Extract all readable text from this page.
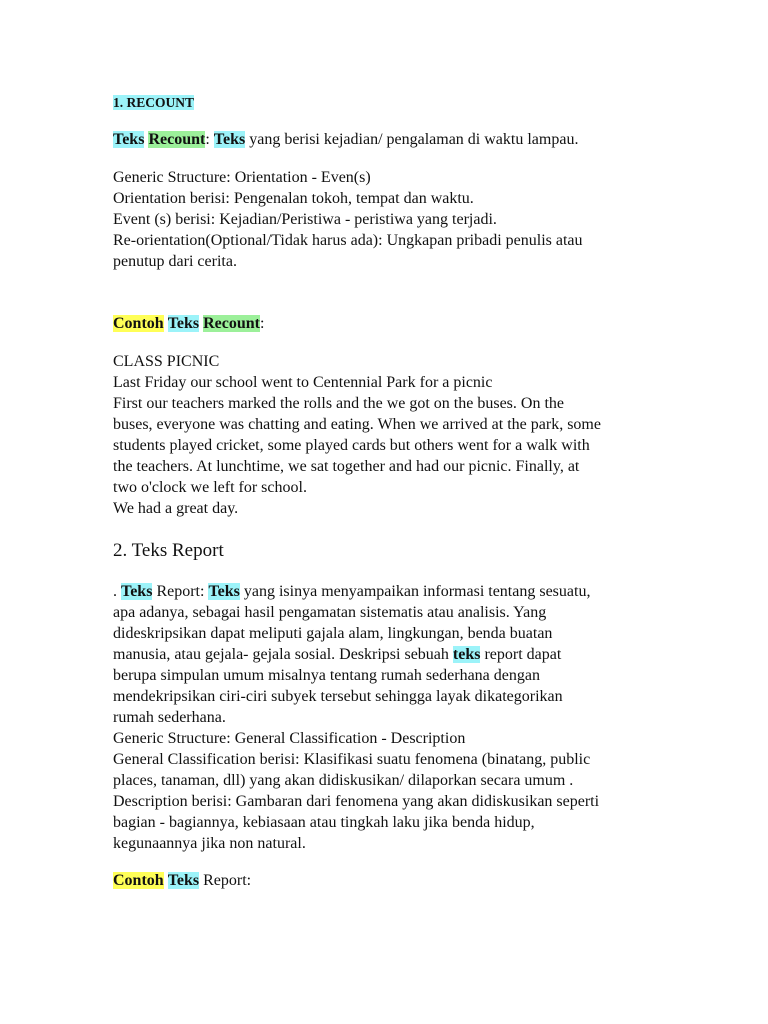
1. RECOUNT
Teks Recount: Teks yang berisi kejadian/ pengalaman di waktu lampau.
Generic Structure: Orientation - Even(s)
Orientation berisi: Pengenalan tokoh, tempat dan waktu.
Event (s) berisi: Kejadian/Peristiwa - peristiwa yang terjadi.
Re-orientation(Optional/Tidak harus ada): Ungkapan pribadi penulis atau
penutup dari cerita.
Contoh Teks Recount:
CLASS PICNIC
Last Friday our school went to Centennial Park for a picnic
First our teachers marked the rolls and the we got on the buses. On the
buses, everyone was chatting and eating. When we arrived at the park, some
students played cricket, some played cards but others went for a walk with
the teachers. At lunchtime, we sat together and had our picnic. Finally, at
two o'clock we left for school.
We had a great day.
2. Teks Report
. Teks Report: Teks yang isinya menyampaikan informasi tentang sesuatu,
apa adanya, sebagai hasil pengamatan sistematis atau analisis. Yang
dideskripsikan dapat meliputi gajala alam, lingkungan, benda buatan
manusia, atau gejala- gejala sosial. Deskripsi sebuah teks report dapat
berupa simpulan umum misalnya tentang rumah sederhana dengan
mendekripsikan ciri-ciri subyek tersebut sehingga layak dikategorikan
rumah sederhana.
Generic Structure: General Classification - Description
General Classification berisi: Klasifikasi suatu fenomena (binatang, public
places, tanaman, dll) yang akan didiskusikan/ dilaporkan secara umum .
Description berisi: Gambaran dari fenomena yang akan didiskusikan seperti
bagian - bagiannya, kebiasaan atau tingkah laku jika benda hidup,
kegunaannya jika non natural.
Contoh Teks Report:
